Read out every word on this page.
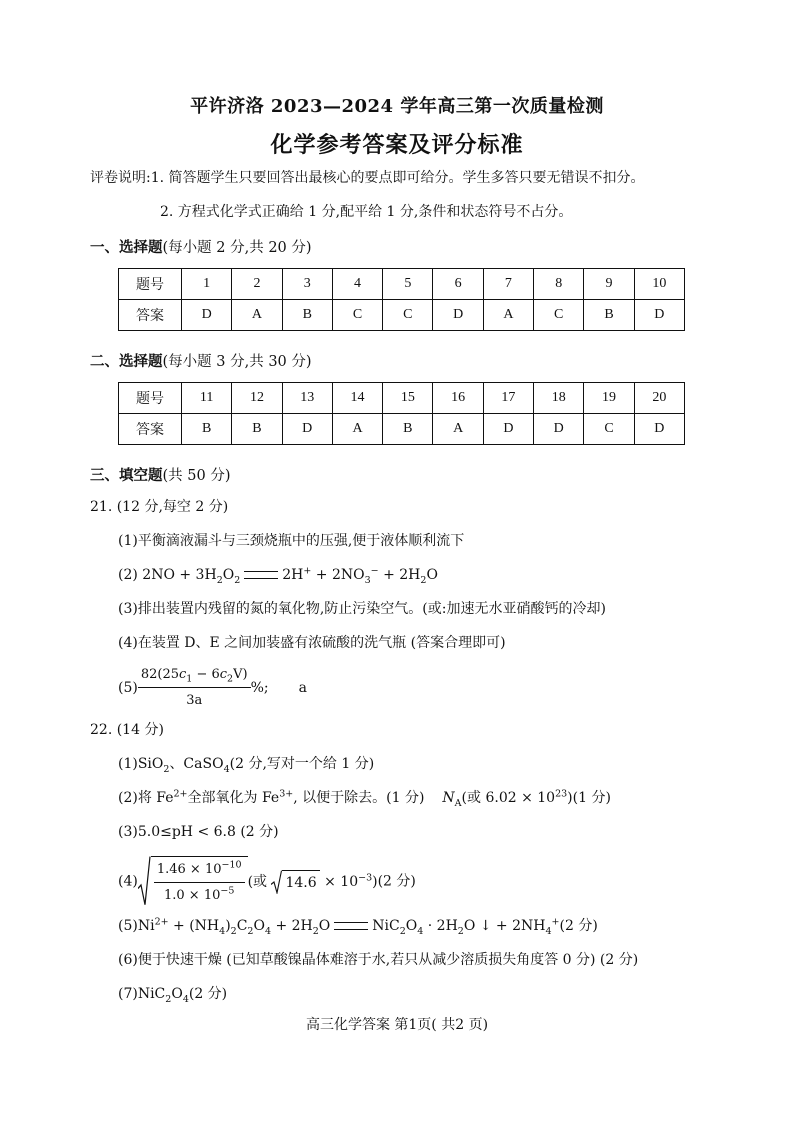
平许济洛 2023—2024 学年高三第一次质量检测
化学参考答案及评分标准
评卷说明:1. 简答题学生只要回答出最核心的要点即可给分。学生多答只要无错误不扣分。
2. 方程式化学式正确给 1 分,配平给 1 分,条件和状态符号不占分。
一、选择题(每小题 2 分,共 20 分)
题号	1	2	3	4	5	6	7	8	9	10
答案	D	A	B	C	C	D	A	C	B	D
二、选择题(每小题 3 分,共 30 分)
题号	11	12	13	14	15	16	17	18	19	20
答案	B	B	D	A	B	A	D	D	C	D
三、填空题(共 50 分)
21. (12 分,每空 2 分)
(1)平衡滴液漏斗与三颈烧瓶中的压强,便于液体顺利流下
(2) $2NO + 3H_2O_2$	$2H^+ + 2NO_3^- + 2H_2O$
(3)排出装置内残留的氮的氧化物,防止污染空气。(或:加速无水亚硝酸钙的冷却)
(4)在装置 D、E 之间加装盛有浓硫酸的洗气瓶 (答案合理即可)
$(5) \frac{82(25c_1 - 6c_2V)}{3a}$ %; a
22. (14 分)
(1)SiO$_2$、CaSO$_4$(2 分,写对一个给 1 分)
(2)将 $Fe^{2+}$全部氧化为 $Fe^{3+}$, 以便于除去。(1 分) $N_A$(或 $6.02 \times 10^{23})(1$ 分)
(3)5.0≤pH < 6.8 (2 分)
$(4) \frac{1.46 \times 10^{-10}}{1.0 \times 10^{-5}}$ (或
$14.6 \times 10^{-3})(2$ 分)
$(5)Ni^{2+} + (NH_4)_2C_2O_4 + 2H_2O$	$NiC_2O_4 \cdot 2H_2O$ ↓ + $2NH_4^+(2$ 分)
(6)便于快速干燥 (已知草酸镍晶体难溶于水,若只从减少溶质损失角度答 0 分) (2 分)
$(7)NiC_2O_4(2$ 分)
高三化学答案 第1页( 共2 页)
